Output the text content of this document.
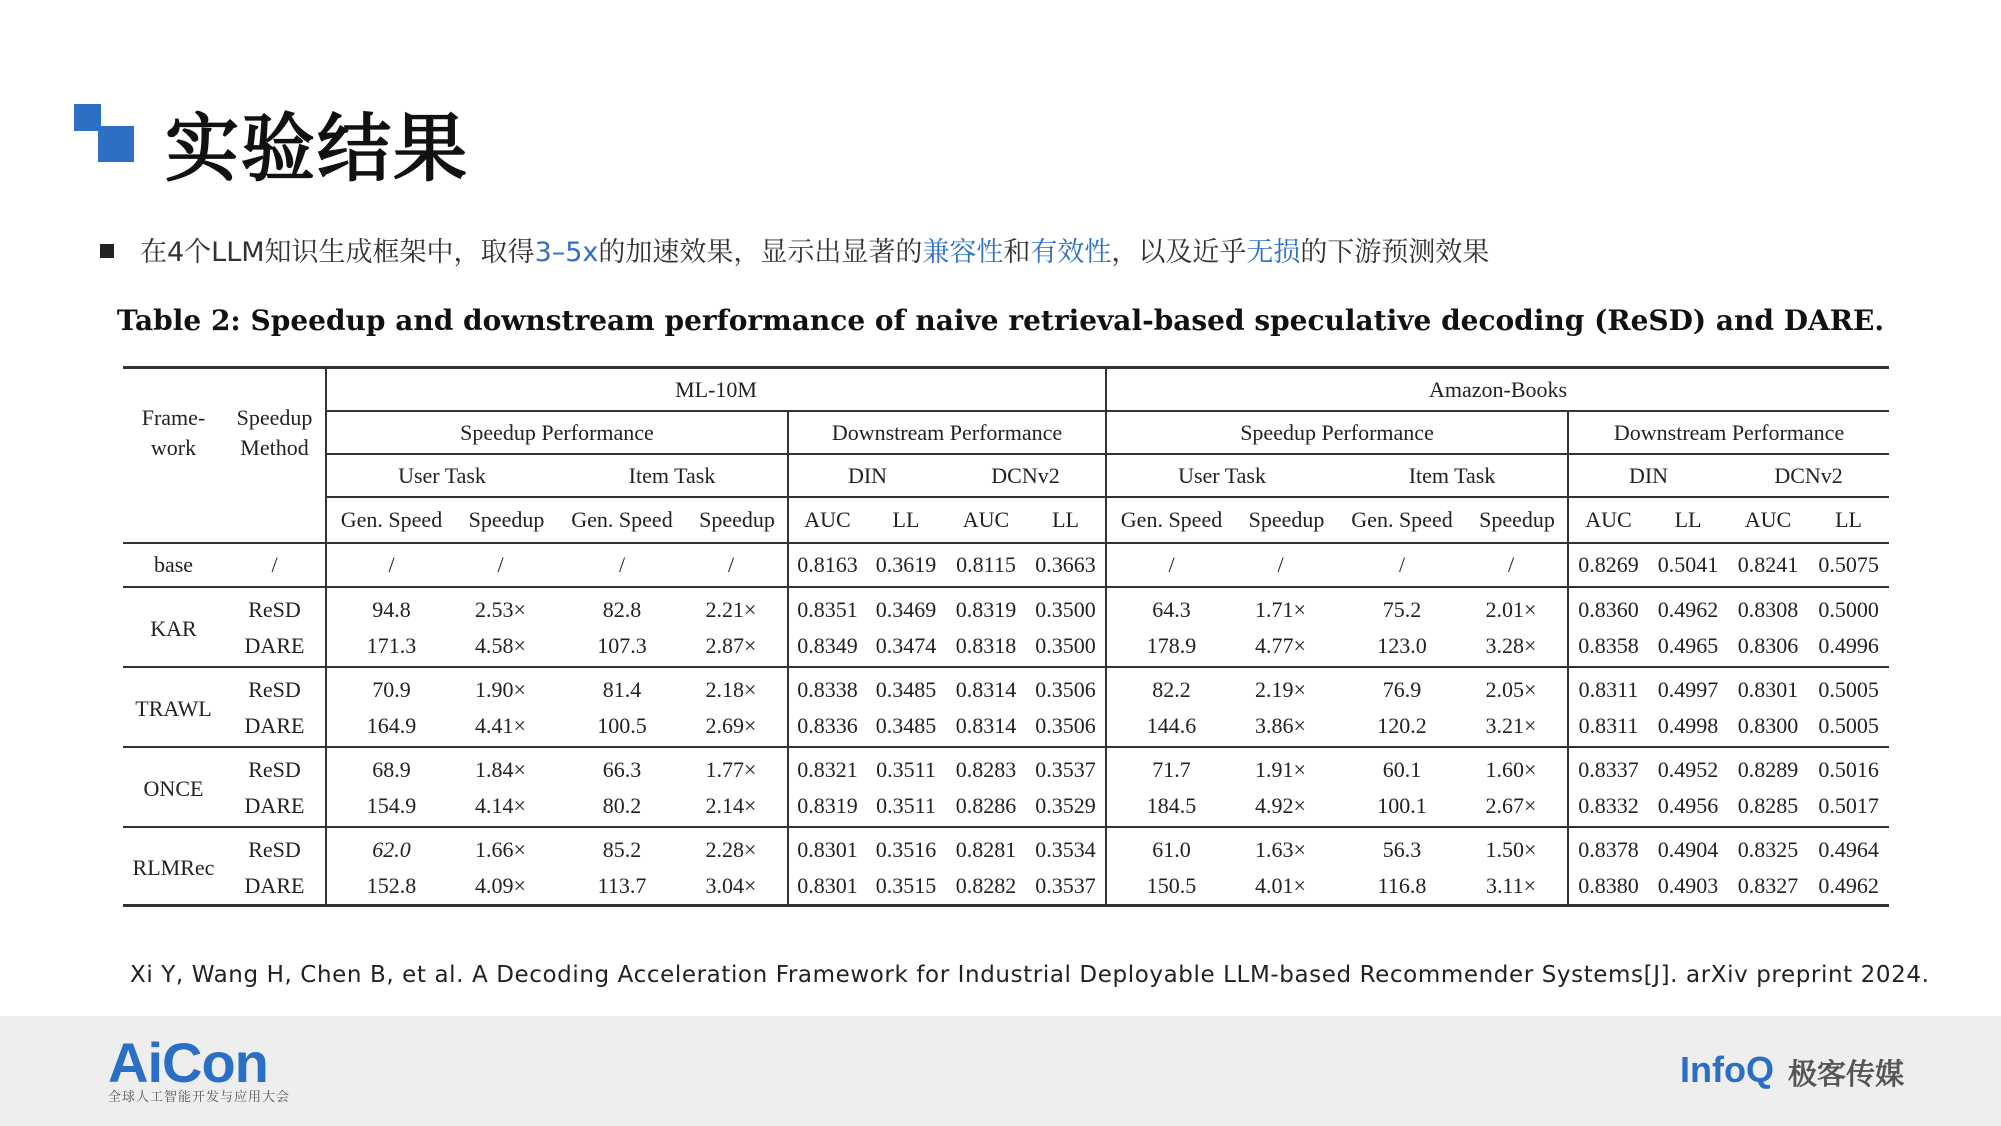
实验结果
在4个LLM知识生成框架中，取得3–5x的加速效果，显示出显著的兼容性和有效性，以及近乎无损的下游预测效果
Table 2: Speedup and downstream performance of naive retrieval-based speculative decoding (ReSD) and DARE.
Frame-
work	Speedup
Method	ML-10M								Amazon-Books							
		Speedup Performance				Downstream Performance				Speedup Performance				Downstream Performance			
		User Task		Item Task		DIN		DCNv2		User Task		Item Task		DIN		DCNv2	
		Gen. Speed	Speedup	Gen. Speed	Speedup	AUC	LL	AUC	LL	Gen. Speed	Speedup	Gen. Speed	Speedup	AUC	LL	AUC	LL
base	/	/	/	/	/	0.8163	0.3619	0.8115	0.3663	/	/	/	/	0.8269	0.5041	0.8241	0.5075
KAR	ReSD	94.8	2.53×	82.8	2.21×	0.8351	0.3469	0.8319	0.3500	64.3	1.71×	75.2	2.01×	0.8360	0.4962	0.8308	0.5000
	DARE	171.3	4.58×	107.3	2.87×	0.8349	0.3474	0.8318	0.3500	178.9	4.77×	123.0	3.28×	0.8358	0.4965	0.8306	0.4996
TRAWL	ReSD	70.9	1.90×	81.4	2.18×	0.8338	0.3485	0.8314	0.3506	82.2	2.19×	76.9	2.05×	0.8311	0.4997	0.8301	0.5005
	DARE	164.9	4.41×	100.5	2.69×	0.8336	0.3485	0.8314	0.3506	144.6	3.86×	120.2	3.21×	0.8311	0.4998	0.8300	0.5005
ONCE	ReSD	68.9	1.84×	66.3	1.77×	0.8321	0.3511	0.8283	0.3537	71.7	1.91×	60.1	1.60×	0.8337	0.4952	0.8289	0.5016
	DARE	154.9	4.14×	80.2	2.14×	0.8319	0.3511	0.8286	0.3529	184.5	4.92×	100.1	2.67×	0.8332	0.4956	0.8285	0.5017
RLMRec	ReSD	62.0	1.66×	85.2	2.28×	0.8301	0.3516	0.8281	0.3534	61.0	1.63×	56.3	1.50×	0.8378	0.4904	0.8325	0.4964
	DARE	152.8	4.09×	113.7	3.04×	0.8301	0.3515	0.8282	0.3537	150.5	4.01×	116.8	3.11×	0.8380	0.4903	0.8327	0.4962
Xi Y, Wang H, Chen B, et al. A Decoding Acceleration Framework for Industrial Deployable LLM-based Recommender Systems[J]. arXiv preprint 2024.
AiCon
全球人工智能开发与应用大会
InfoQ 极客传媒
